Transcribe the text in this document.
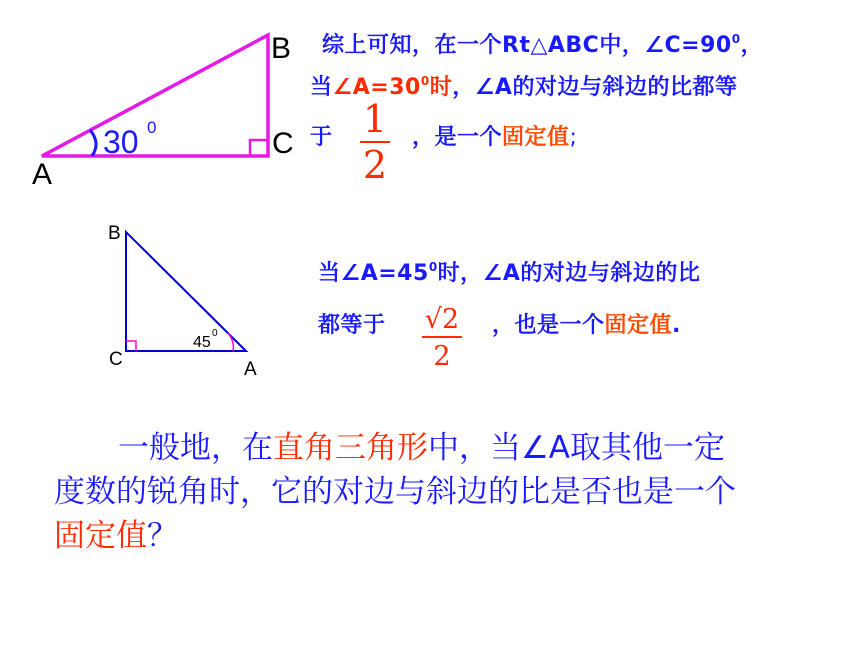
B
C
A
30 0
B
C	A
45
0
综上可知，在一个Rt△ABC中，$\angle C=90^0$，
当$\angle A=30^0$时，∠A的对边与斜边的比都等
于	，是一个固定值;
1
2
当$\angle A=45^0$时，∠A的对边与斜边的比
都等于	，也是一个固定值.
√2
2
一般地，在直角三角形中，当∠A取其他一定
度数的锐角时，它的对边与斜边的比是否也是一个
固定值？
